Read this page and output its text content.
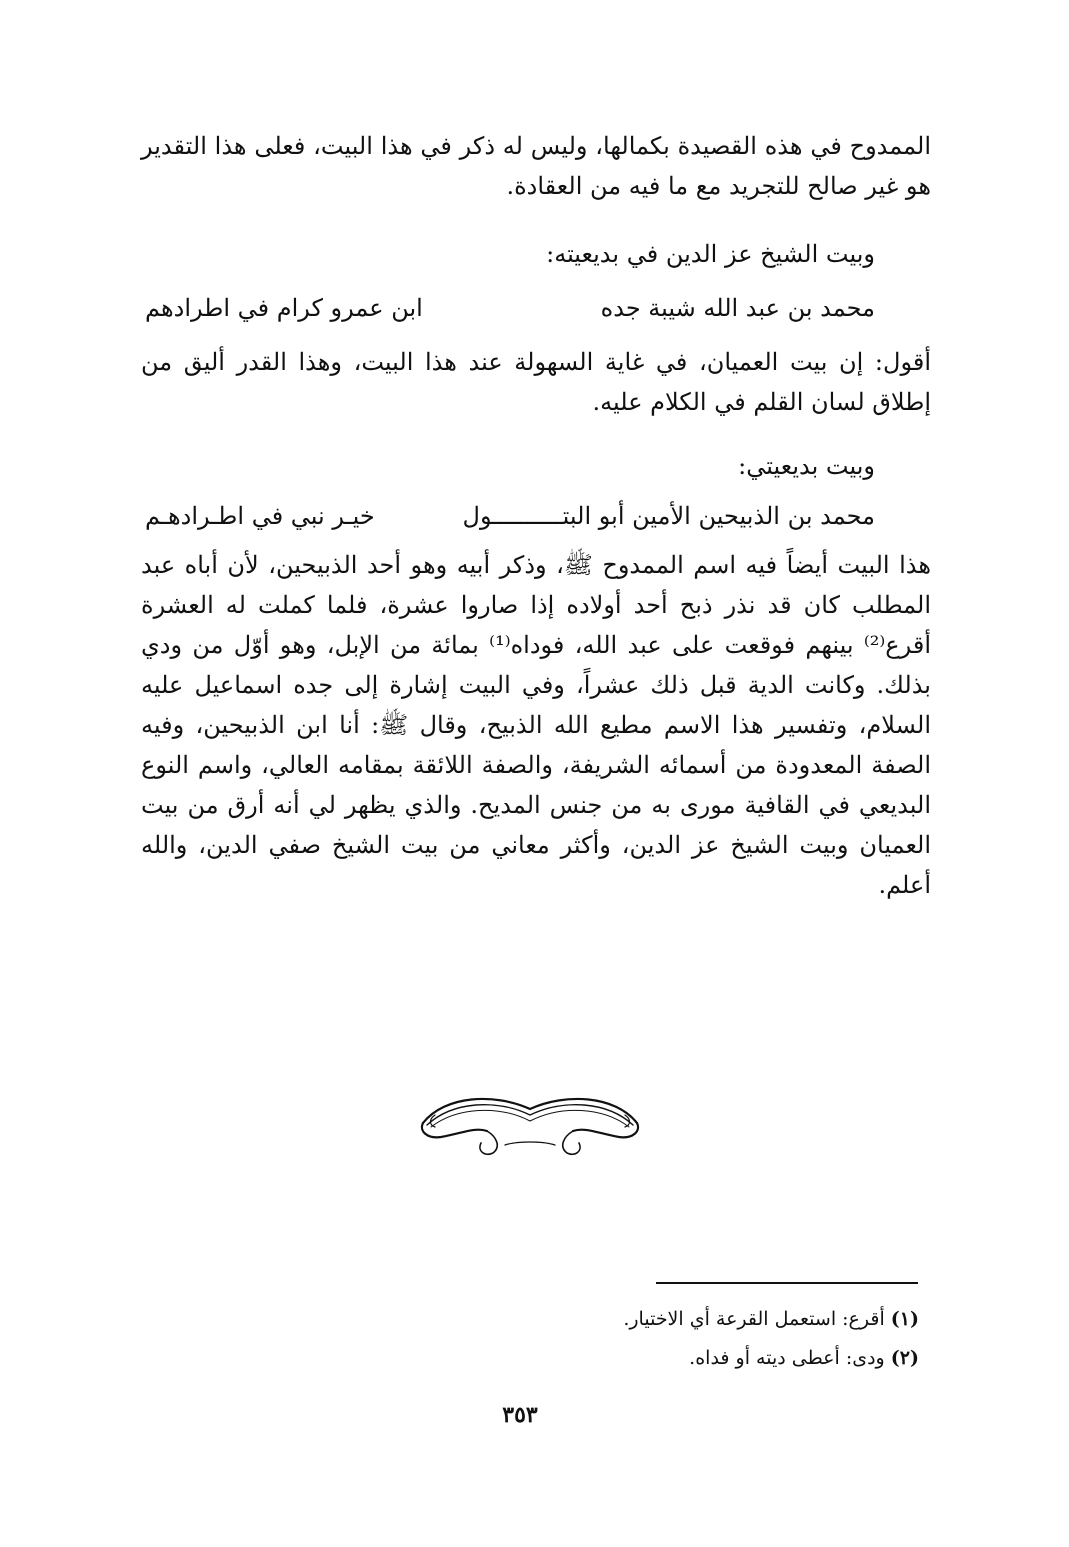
الممدوح في هذه القصيدة بكمالها، وليس له ذكر في هذا البيت، فعلى هذا التقدير هو غير صالح للتجريد مع ما فيه من العقادة.

وبيت الشيخ عز الدين في بديعيته:
محمد بن عبد الله شيبة جده
ابن عمرو كرام في اطرادهم

أقول: إن بيت العميان، في غاية السهولة عند هذا البيت، وهذا القدر أليق من إطلاق لسان القلم في الكلام عليه.

وبيت بديعيتي:
محمد بن الذبيحين الأمين أبو البتــــــــــول
خيـر نبي في اطـرادهـم

هذا البيت أيضاً فيه اسم الممدوح ﷺ، وذكر أبيه وهو أحد الذبيحين، لأن أباه عبد المطلب كان قد نذر ذبح أحد أولاده إذا صاروا عشرة، فلما كملت له العشرة أقرع⁽²⁾ بينهم فوقعت على عبد الله، فوداه⁽¹⁾ بمائة من الإبل، وهو أوّل من ودي بذلك. وكانت الدية قبل ذلك عشراً، وفي البيت إشارة إلى جده اسماعيل عليه السلام، وتفسير هذا الاسم مطيع الله الذبيح، وقال ﷺ: أنا ابن الذبيحين، وفيه الصفة المعدودة من أسمائه الشريفة، والصفة اللائقة بمقامه العالي، واسم النوع البديعي في القافية مورى به من جنس المديح. والذي يظهر لي أنه أرق من بيت العميان وبيت الشيخ عز الدين، وأكثر معاني من بيت الشيخ صفي الدين، والله أعلم.

(١) أقرع: استعمل القرعة أي الاختيار.
(٢) ودى: أعطى ديته أو فداه.
٣٥٣
